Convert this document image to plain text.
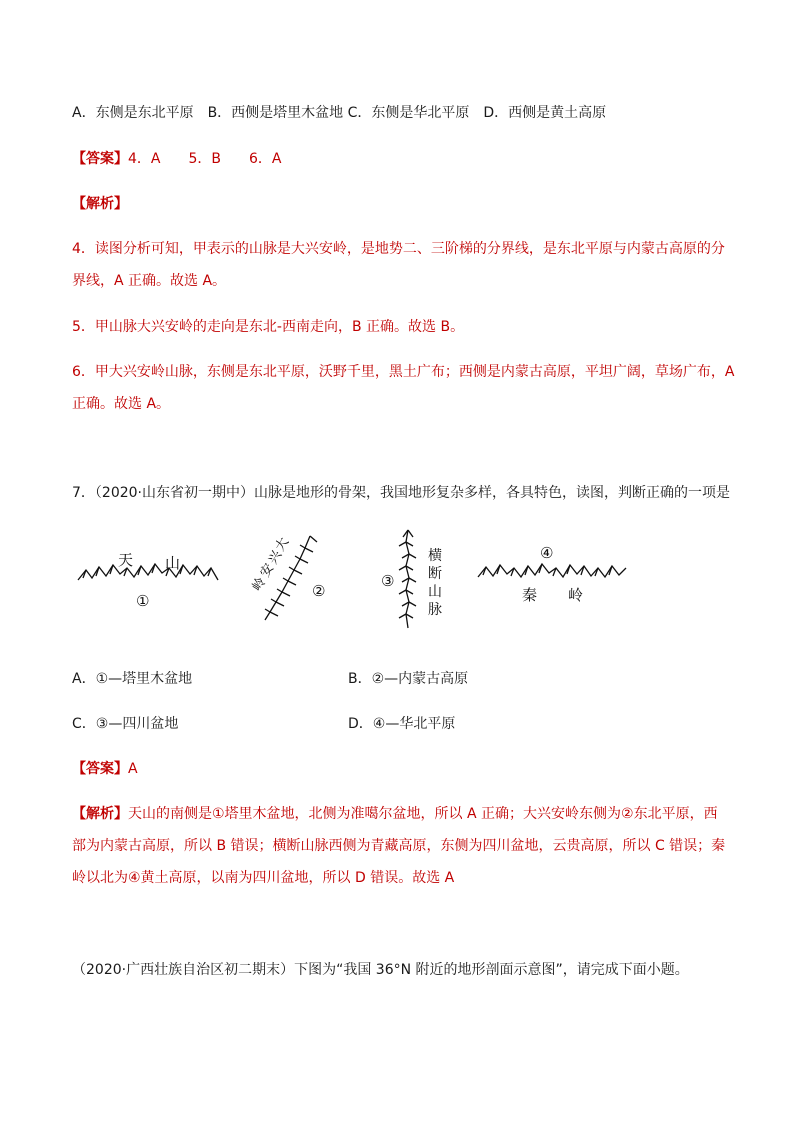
A．东侧是东北平原　B．西侧是塔里木盆地 C．东侧是华北平原　D．西侧是黄土高原
【答案】4．A　　5．B　　6．A
【解析】
4．读图分析可知，甲表示的山脉是大兴安岭，是地势二、三阶梯的分界线，是东北平原与内蒙古高原的分
界线，A 正确。故选 A。
5．甲山脉大兴安岭的走向是东北-西南走向，B 正确。故选 B。
6．甲大兴安岭山脉，东侧是东北平原，沃野千里，黑土广布；西侧是内蒙古高原，平坦广阔，草场广布，A
正确。故选 A。
7．（2020·山东省初一期中）山脉是地形的骨架，我国地形复杂多样，各具特色，读图，判断正确的一项是
天 山
①
大
兴
安
岭	②
③
横
断
山
脉
④
秦 岭
A．①—塔里木盆地	B．②—内蒙古高原
C．③—四川盆地	D．④—华北平原
【答案】A
【解析】天山的南侧是①塔里木盆地，北侧为准噶尔盆地，所以 A 正确；大兴安岭东侧为②东北平原，西
部为内蒙古高原，所以 B 错误；横断山脉西侧为青藏高原，东侧为四川盆地，云贵高原，所以 C 错误；秦
岭以北为④黄土高原，以南为四川盆地，所以 D 错误。故选 A
（2020·广西壮族自治区初二期末）下图为“我国 36°N 附近的地形剖面示意图”，请完成下面小题。
